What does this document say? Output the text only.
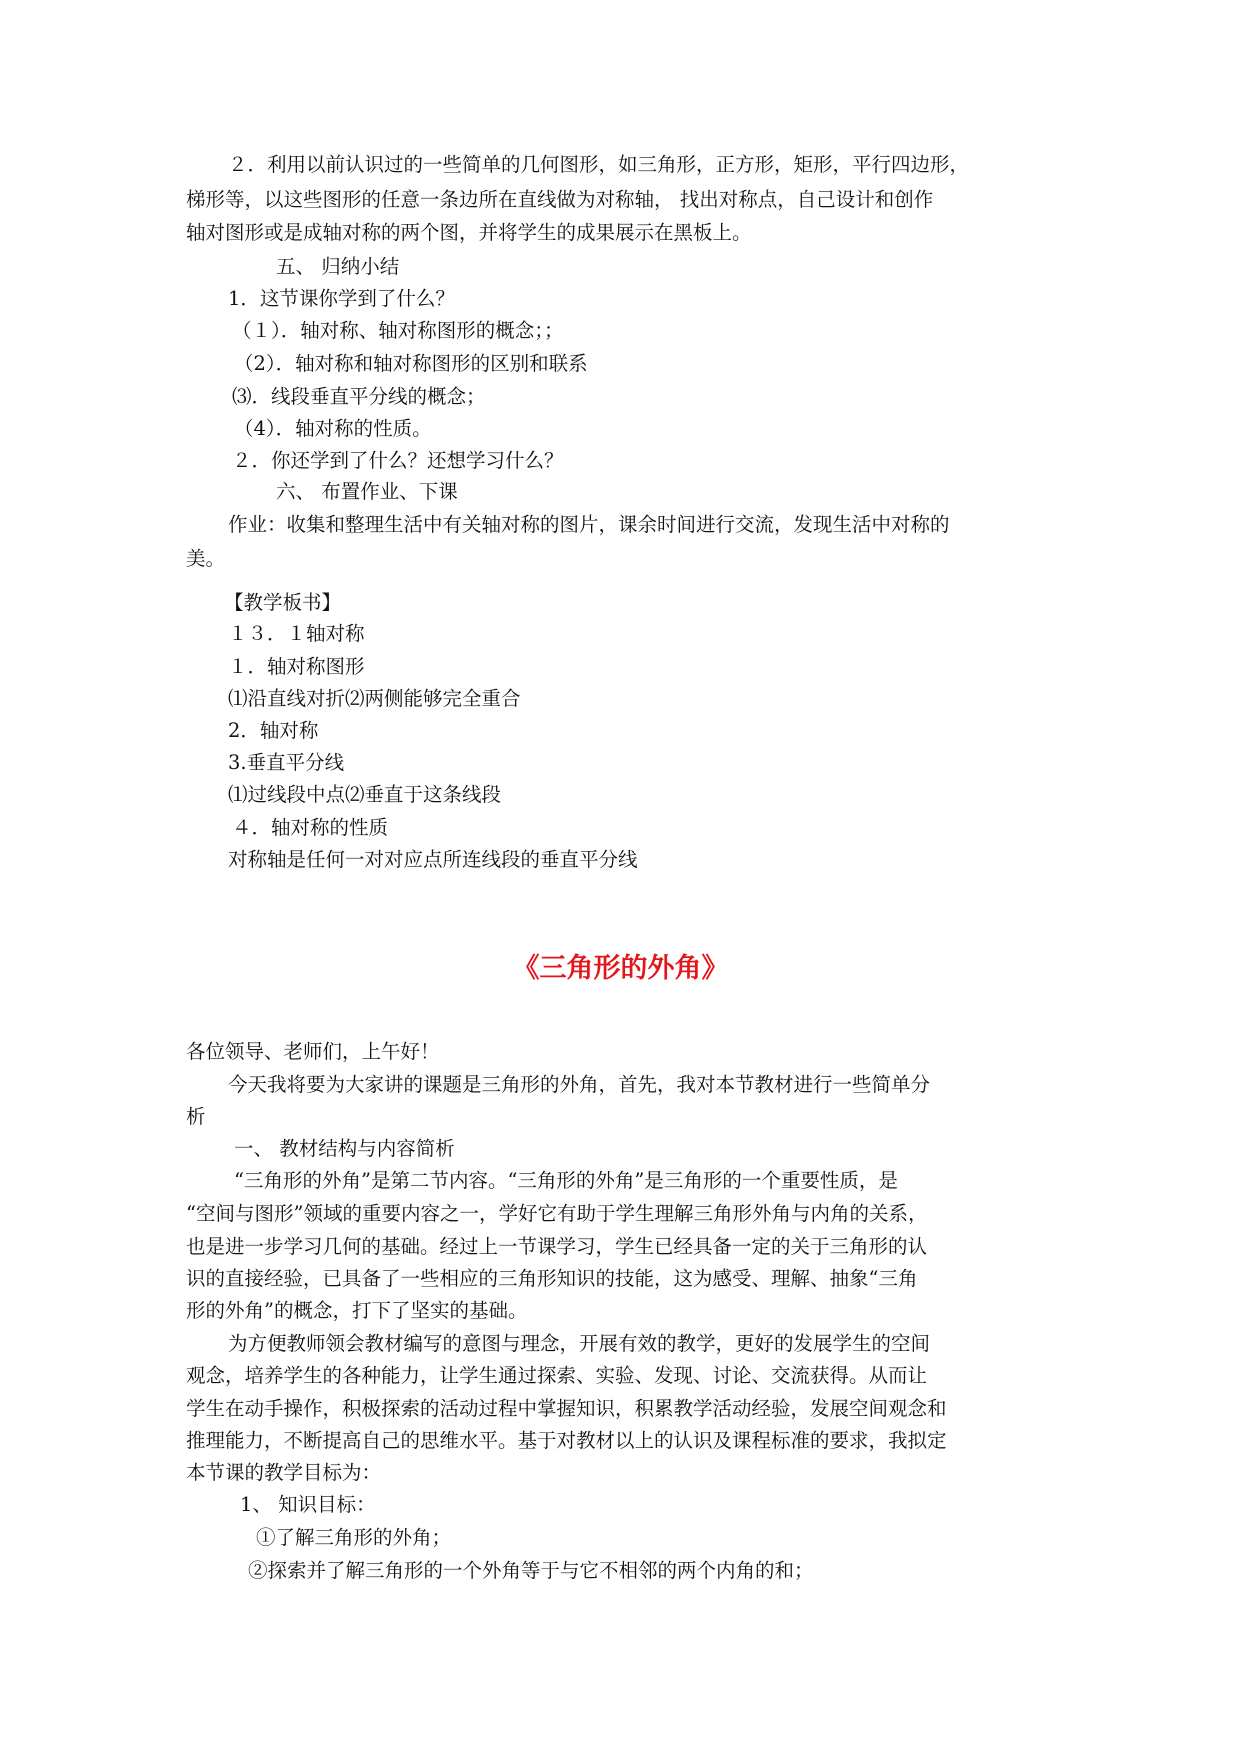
２．利用以前认识过的一些简单的几何图形，如三角形，正方形，矩形，平行四边形，
梯形等，以这些图形的任意一条边所在直线做为对称轴， 找出对称点，自己设计和创作
轴对图形或是成轴对称的两个图，并将学生的成果展示在黑板上。
五、 归纳小结
1．这节课你学到了什么？
（１）．轴对称、轴对称图形的概念；；
（2）．轴对称和轴对称图形的区别和联系
⑶．线段垂直平分线的概念；
（4）．轴对称的性质。
２．你还学到了什么？还想学习什么？
六、 布置作业、下课
作业：收集和整理生活中有关轴对称的图片，课余时间进行交流，发现生活中对称的
美。
【教学板书】
１３．１轴对称
１．轴对称图形
⑴沿直线对折⑵两侧能够完全重合
2．轴对称
3.垂直平分线
⑴过线段中点⑵垂直于这条线段
４．轴对称的性质
对称轴是任何一对对应点所连线段的垂直平分线
《三角形的外角》
各位领导、老师们，上午好！
今天我将要为大家讲的课题是三角形的外角，首先，我对本节教材进行一些简单分
析
一、 教材结构与内容简析
“三角形的外角”是第二节内容。“三角形的外角”是三角形的一个重要性质，是
“空间与图形”领域的重要内容之一，学好它有助于学生理解三角形外角与内角的关系，
也是进一步学习几何的基础。经过上一节课学习，学生已经具备一定的关于三角形的认
识的直接经验，已具备了一些相应的三角形知识的技能，这为感受、理解、抽象“三角
形的外角”的概念，打下了坚实的基础。
为方便教师领会教材编写的意图与理念，开展有效的教学，更好的发展学生的空间
观念，培养学生的各种能力，让学生通过探索、实验、发现、讨论、交流获得。从而让
学生在动手操作，积极探索的活动过程中掌握知识，积累教学活动经验，发展空间观念和
推理能力，不断提高自己的思维水平。基于对教材以上的认识及课程标准的要求，我拟定
本节课的教学目标为：
1、 知识目标：
①了解三角形的外角；
②探索并了解三角形的一个外角等于与它不相邻的两个内角的和；
